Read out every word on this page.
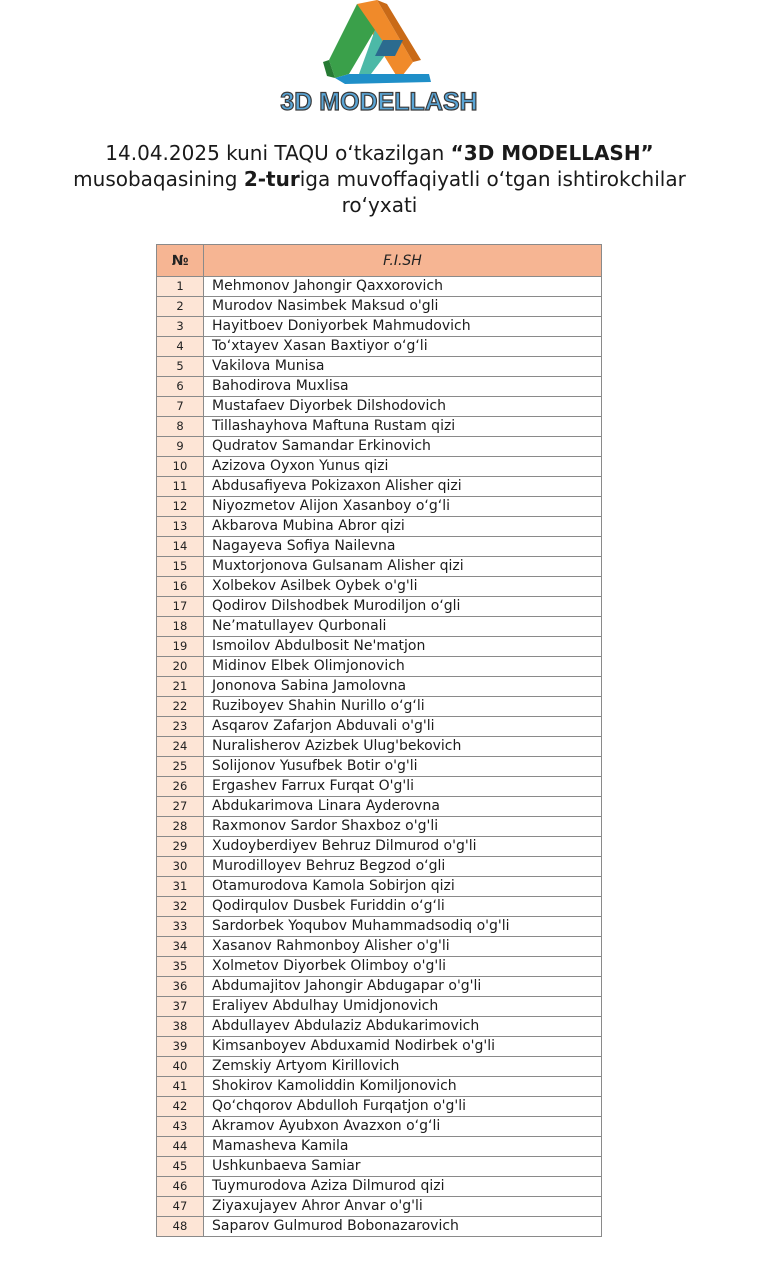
3D MODELLASH
14.04.2025 kuni TAQU o‘tkazilgan “3D MODELLASH”
musobaqasining 2-turiga muvoffaqiyatli o‘tgan ishtirokchilar
ro‘yxati
№	F.I.SH
1	Mehmonov Jahongir Qaxxorovich
2	Murodov Nasimbek Maksud o'gli
3	Hayitboev Doniyorbek Mahmudovich
4	To‘xtayev Xasan Baxtiyor o‘g‘li
5	Vakilova Munisa
6	Bahodirova Muxlisa
7	Mustafaev Diyorbek Dilshodovich
8	Tillashayhova Maftuna Rustam qizi
9	Qudratov Samandar Erkinovich
10	Azizova Oyxon Yunus qizi
11	Abdusafiyeva Pokizaxon Alisher qizi
12	Niyozmetov Alijon Xasanboy o‘g‘li
13	Akbarova Mubina Abror qizi
14	Nagayeva Sofiya Nailevna
15	Muxtorjonova Gulsanam Alisher qizi
16	Xolbekov Asilbek Oybek o'g'li
17	Qodirov Dilshodbek Murodiljon o‘gli
18	Ne’matullayev Qurbonali
19	Ismoilov Abdulbosit Ne'matjon
20	Midinov Elbek Olimjonovich
21	Jononova Sabina Jamolovna
22	Ruziboyev Shahin Nurillo o‘g‘li
23	Asqarov Zafarjon Abduvali o'g'li
24	Nuralisherov Azizbek Ulug'bekovich
25	Solijonov Yusufbek Botir o'g'li
26	Ergashev Farrux Furqat O'g'li
27	Abdukarimova Linara Ayderovna
28	Raxmonov Sardor Shaxboz o'g'li
29	Xudoyberdiyev Behruz Dilmurod o'g'li
30	Murodilloyev Behruz Begzod o‘gli
31	Otamurodova Kamola Sobirjon qizi
32	Qodirqulov Dusbek Furiddin o‘g‘li
33	Sardorbek Yoqubov Muhammadsodiq o'g'li
34	Xasanov Rahmonboy Alisher o'g'li
35	Xolmetov Diyorbek Olimboy o'g'li
36	Abdumajitov Jahongir Abdugapar o'g'li
37	Eraliyev Abdulhay Umidjonovich
38	Abdullayev Abdulaziz Abdukarimovich
39	Kimsanboyev Abduxamid Nodirbek o'g'li
40	Zemskiy Artyom Kirillovich
41	Shokirov Kamoliddin Komiljonovich
42	Qo‘chqorov Abdulloh Furqatjon o'g'li
43	Akramov Ayubxon Avazxon o‘g‘li
44	Mamasheva Kamila
45	Ushkunbaeva Samiar
46	Tuymurodova Aziza Dilmurod qizi
47	Ziyaxujayev Ahror Anvar o'g'li
48	Saparov Gulmurod Bobonazarovich
